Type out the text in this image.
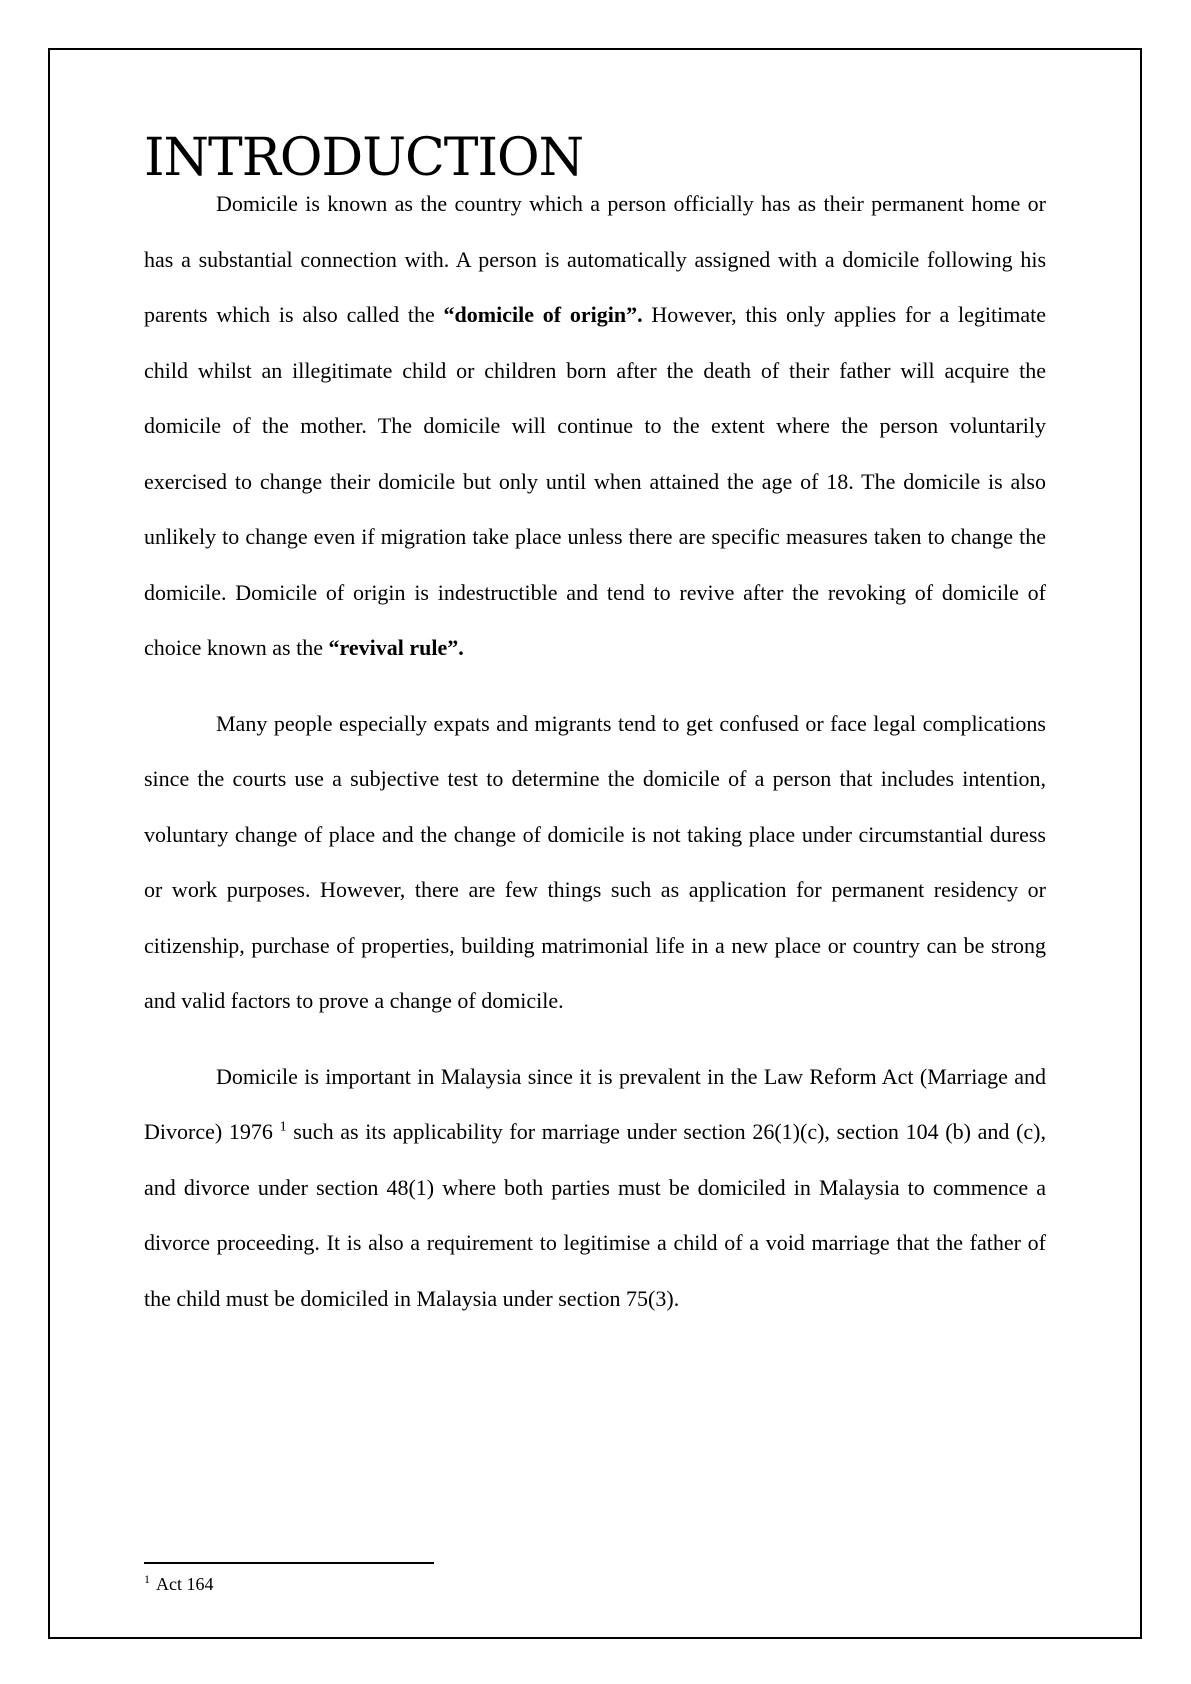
INTRODUCTION

Domicile is known as the country which a person officially has as their permanent home or has a substantial connection with. A person is automatically assigned with a domicile following his parents which is also called the “domicile of origin”. However, this only applies for a legitimate child whilst an illegitimate child or children born after the death of their father will acquire the domicile of the mother. The domicile will continue to the extent where the person voluntarily exercised to change their domicile but only until when attained the age of 18. The domicile is also unlikely to change even if migration take place unless there are specific measures taken to change the domicile. Domicile of origin is indestructible and tend to revive after the revoking of domicile of choice known as the “revival rule”.

Many people especially expats and migrants tend to get confused or face legal complications since the courts use a subjective test to determine the domicile of a person that includes intention, voluntary change of place and the change of domicile is not taking place under circumstantial duress or work purposes. However, there are few things such as application for permanent residency or citizenship, purchase of properties, building matrimonial life in a new place or country can be strong and valid factors to prove a change of domicile.

Domicile is important in Malaysia since it is prevalent in the Law Reform Act (Marriage and Divorce) 1976 $^1$ such as its applicability for marriage under section 26(1)(c), section 104 (b) and (c), and divorce under section 48(1) where both parties must be domiciled in Malaysia to commence a divorce proceeding. It is also a requirement to legitimise a child of a void marriage that the father of the child must be domiciled in Malaysia under section 75(3).

$^1$ Act 164
